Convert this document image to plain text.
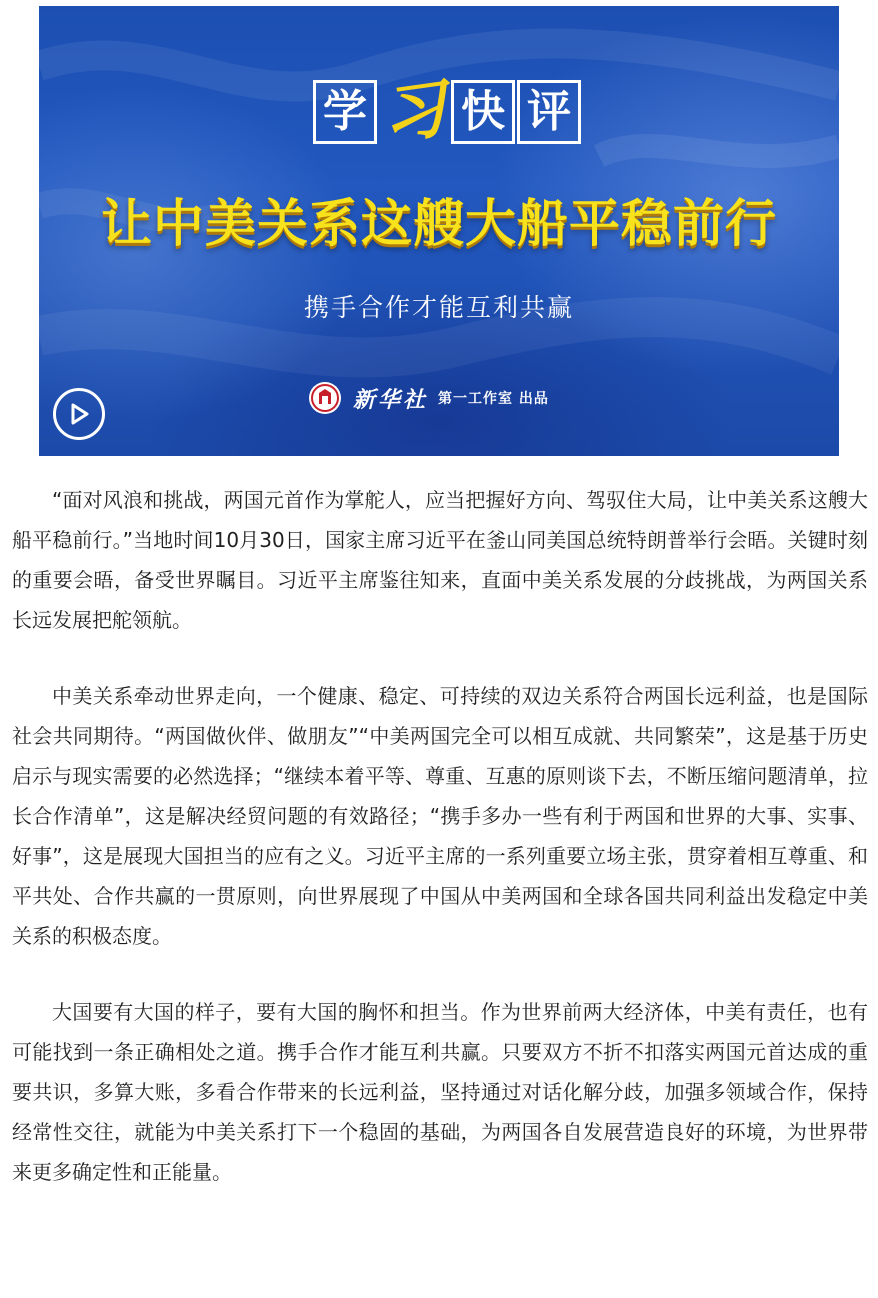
学 习 快 评
让中美关系这艘大船平稳前行
携手合作才能互利共赢
新华社 第一工作室 出品

“面对风浪和挑战，两国元首作为掌舵人，应当把握好方向、驾驭住大局，让中美关系这艘大船平稳前行。”当地时间10月30日，国家主席习近平在釜山同美国总统特朗普举行会晤。关键时刻的重要会晤，备受世界瞩目。习近平主席鉴往知来，直面中美关系发展的分歧挑战，为两国关系长远发展把舵领航。

中美关系牵动世界走向，一个健康、稳定、可持续的双边关系符合两国长远利益，也是国际社会共同期待。“两国做伙伴、做朋友”“中美两国完全可以相互成就、共同繁荣”，这是基于历史启示与现实需要的必然选择；“继续本着平等、尊重、互惠的原则谈下去，不断压缩问题清单，拉长合作清单”，这是解决经贸问题的有效路径；“携手多办一些有利于两国和世界的大事、实事、好事”，这是展现大国担当的应有之义。习近平主席的一系列重要立场主张，贯穿着相互尊重、和平共处、合作共赢的一贯原则，向世界展现了中国从中美两国和全球各国共同利益出发稳定中美关系的积极态度。

大国要有大国的样子，要有大国的胸怀和担当。作为世界前两大经济体，中美有责任，也有可能找到一条正确相处之道。携手合作才能互利共赢。只要双方不折不扣落实两国元首达成的重要共识，多算大账，多看合作带来的长远利益，坚持通过对话化解分歧，加强多领域合作，保持经常性交往，就能为中美关系打下一个稳固的基础，为两国各自发展营造良好的环境，为世界带来更多确定性和正能量。
